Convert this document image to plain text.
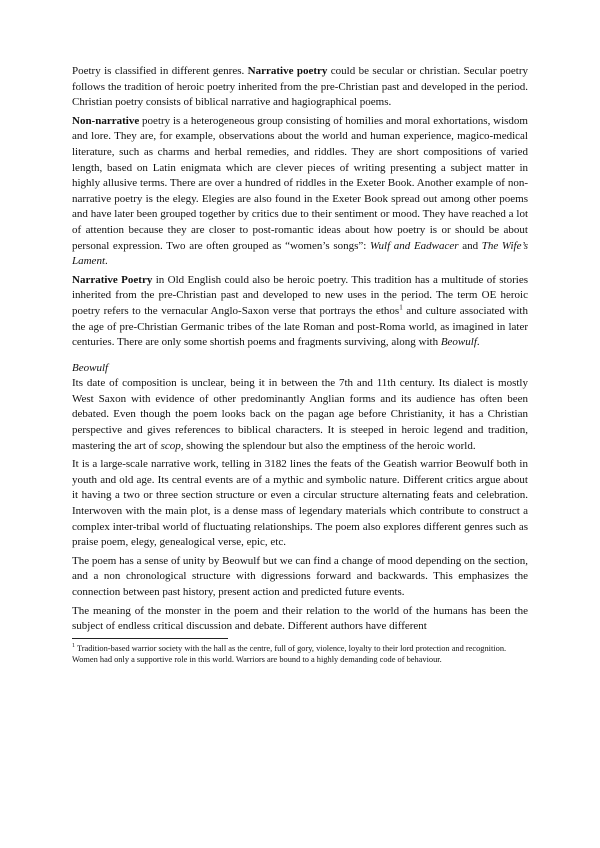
Poetry is classified in different genres. Narrative poetry could be secular or christian. Secular poetry follows the tradition of heroic poetry inherited from the pre-Christian past and developed in the period. Christian poetry consists of biblical narrative and hagiographical poems.

Non-narrative poetry is a heterogeneous group consisting of homilies and moral exhortations, wisdom and lore. They are, for example, observations about the world and human experience, magico-medical literature, such as charms and herbal remedies, and riddles. They are short compositions of varied length, based on Latin enigmata which are clever pieces of writing presenting a subject matter in highly allusive terms. There are over a hundred of riddles in the Exeter Book. Another example of non-narrative poetry is the elegy. Elegies are also found in the Exeter Book spread out among other poems and have later been grouped together by critics due to their sentiment or mood. They have reached a lot of attention because they are closer to post-romantic ideas about how poetry is or should be about personal expression. Two are often grouped as “women’s songs”: Wulf and Eadwacer and The Wife’s Lament.

Narrative Poetry in Old English could also be heroic poetry. This tradition has a multitude of stories inherited from the pre-Christian past and developed to new uses in the period. The term OE heroic poetry refers to the vernacular Anglo-Saxon verse that portrays the ethos$^1$ and culture associated with the age of pre-Christian Germanic tribes of the late Roman and post-Roma world, as imagined in later centuries. There are only some shortish poems and fragments surviving, along with Beowulf.

Beowulf

Its date of composition is unclear, being it in between the 7th and 11th century. Its dialect is mostly West Saxon with evidence of other predominantly Anglian forms and its audience has often been debated. Even though the poem looks back on the pagan age before Christianity, it has a Christian perspective and gives references to biblical characters. It is steeped in heroic legend and tradition, mastering the art of scop, showing the splendour but also the emptiness of the heroic world.

It is a large-scale narrative work, telling in 3182 lines the feats of the Geatish warrior Beowulf both in youth and old age. Its central events are of a mythic and symbolic nature. Different critics argue about it having a two or three section structure or even a circular structure alternating feats and celebration. Interwoven with the main plot, is a dense mass of legendary materials which contribute to construct a complex inter-tribal world of fluctuating relationships. The poem also explores different genres such as praise poem, elegy, genealogical verse, epic, etc.

The poem has a sense of unity by Beowulf but we can find a change of mood depending on the section, and a non chronological structure with digressions forward and backwards. This emphasizes the connection between past history, present action and predicted future events.

The meaning of the monster in the poem and their relation to the world of the humans has been the subject of endless critical discussion and debate. Different authors have different

$^1$ Tradition-based warrior society with the hall as the centre, full of gory, violence, loyalty to their lord protection and recognition. Women had only a supportive role in this world. Warriors are bound to a highly demanding code of behaviour.
